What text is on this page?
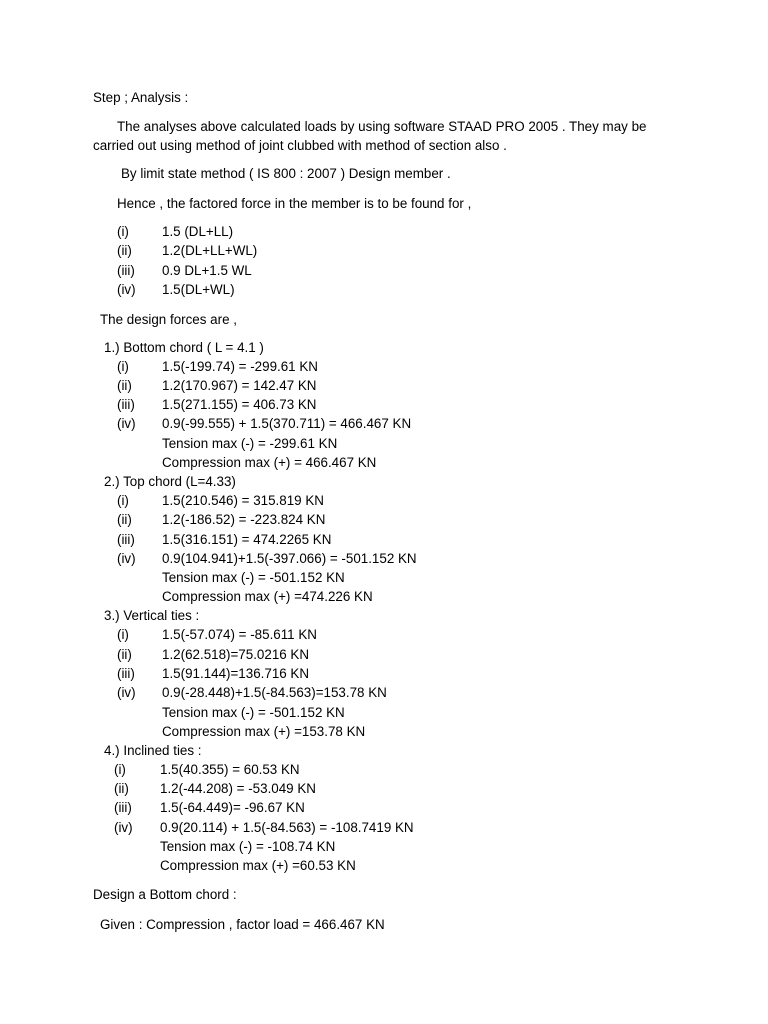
Step ; Analysis :
The analyses above calculated loads by using software STAAD PRO 2005 . They may be carried out using method of joint clubbed with method of section also .
By limit state method ( IS 800 : 2007 ) Design member .
Hence , the factored force in the member is to be found for ,
(i) 1.5 (DL+LL)
(ii) 1.2(DL+LL+WL)
(iii) 0.9 DL+1.5 WL
(iv) 1.5(DL+WL)
The design forces are ,
1.) Bottom chord ( L = 4.1 )
(i) 1.5(-199.74) = -299.61 KN
(ii) 1.2(170.967) = 142.47 KN
(iii) 1.5(271.155) = 406.73 KN
(iv) 0.9(-99.555) + 1.5(370.711) = 466.467 KN
Tension max (-) = -299.61 KN
Compression max (+) = 466.467 KN
2.) Top chord (L=4.33)
(i) 1.5(210.546) = 315.819 KN
(ii) 1.2(-186.52) = -223.824 KN
(iii) 1.5(316.151) = 474.2265 KN
(iv) 0.9(104.941)+1.5(-397.066) = -501.152 KN
Tension max (-) = -501.152 KN
Compression max (+) =474.226 KN
3.) Vertical ties :
(i) 1.5(-57.074) = -85.611 KN
(ii) 1.2(62.518)=75.0216 KN
(iii) 1.5(91.144)=136.716 KN
(iv) 0.9(-28.448)+1.5(-84.563)=153.78 KN
Tension max (-) = -501.152 KN
Compression max (+) =153.78 KN
4.) Inclined ties :
(i)	1.5(40.355) = 60.53 KN
(ii) 1.2(-44.208) = -53.049 KN
(iii) 1.5(-64.449)= -96.67 KN
(iv) 0.9(20.114) + 1.5(-84.563) = -108.7419 KN
Tension max (-) = -108.74 KN
Compression max (+) =60.53 KN
Design a Bottom chord :
Given : Compression , factor load = 466.467 KN
